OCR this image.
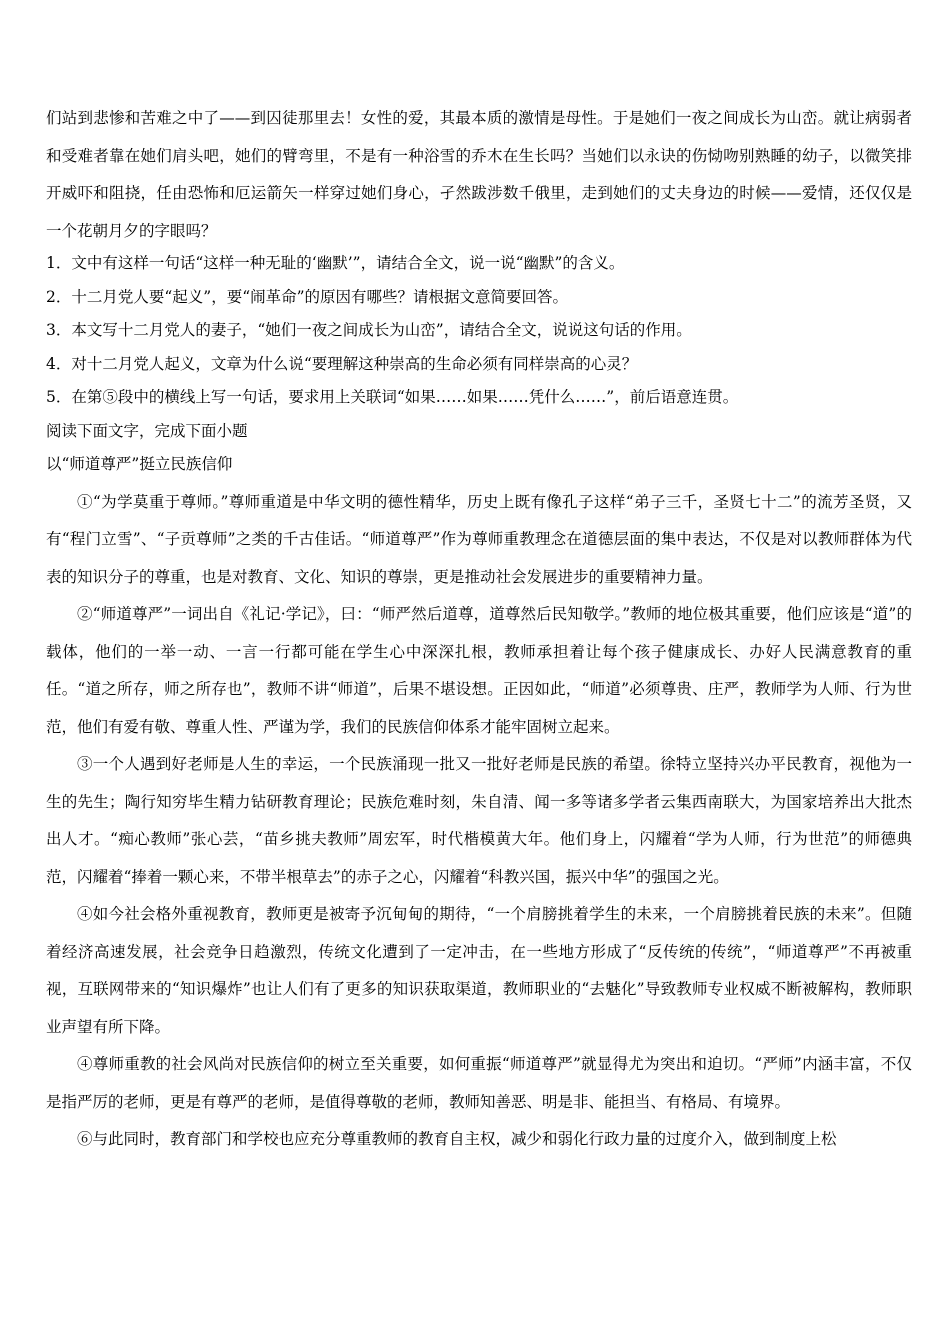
们站到悲惨和苦难之中了——到囚徒那里去！女性的爱，其最本质的激情是母性。于是她们一夜之间成长为山峦。就让病弱者和受难者靠在她们肩头吧，她们的臂弯里，不是有一种浴雪的乔木在生长吗？当她们以永诀的伤恸吻别熟睡的幼子，以微笑排开威吓和阻挠，任由恐怖和厄运箭矢一样穿过她们身心，孑然跋涉数千俄里，走到她们的丈夫身边的时候——爱情，还仅仅是一个花朝月夕的字眼吗？

1．文中有这样一句话“这样一种无耻的‘幽默’”，请结合全文，说一说“幽默”的含义。

2．十二月党人要“起义”，要“闹革命”的原因有哪些？请根据文意简要回答。

3．本文写十二月党人的妻子，“她们一夜之间成长为山峦”，请结合全文，说说这句话的作用。

4．对十二月党人起义，文章为什么说“要理解这种崇高的生命必须有同样崇高的心灵？

5．在第⑤段中的横线上写一句话，要求用上关联词“如果……如果……凭什么……”，前后语意连贯。

阅读下面文字，完成下面小题

以“师道尊严”挺立民族信仰

①“为学莫重于尊师。”尊师重道是中华文明的德性精华，历史上既有像孔子这样“弟子三千，圣贤七十二”的流芳圣贤，又有“程门立雪”、“子贡尊师”之类的千古佳话。“师道尊严”作为尊师重教理念在道德层面的集中表达，不仅是对以教师群体为代表的知识分子的尊重，也是对教育、文化、知识的尊崇，更是推动社会发展进步的重要精神力量。

②“师道尊严”一词出自《礼记·学记》，曰：“师严然后道尊，道尊然后民知敬学。”教师的地位极其重要，他们应该是“道”的载体，他们的一举一动、一言一行都可能在学生心中深深扎根，教师承担着让每个孩子健康成长、办好人民满意教育的重任。“道之所存，师之所存也”，教师不讲“师道”，后果不堪设想。正因如此，“师道”必须尊贵、庄严，教师学为人师、行为世范，他们有爱有敬、尊重人性、严谨为学，我们的民族信仰体系才能牢固树立起来。

③一个人遇到好老师是人生的幸运，一个民族涌现一批又一批好老师是民族的希望。徐特立坚持兴办平民教育，视他为一生的先生；陶行知穷毕生精力钻研教育理论；民族危难时刻，朱自清、闻一多等诸多学者云集西南联大，为国家培养出大批杰出人才。“痴心教师”张心芸，“苗乡挑夫教师”周宏军，时代楷模黄大年。他们身上，闪耀着“学为人师，行为世范”的师德典范，闪耀着“捧着一颗心来，不带半根草去”的赤子之心，闪耀着“科教兴国，振兴中华”的强国之光。

④如今社会格外重视教育，教师更是被寄予沉甸甸的期待，“一个肩膀挑着学生的未来，一个肩膀挑着民族的未来”。但随着经济高速发展，社会竞争日趋激烈，传统文化遭到了一定冲击，在一些地方形成了“反传统的传统”，“师道尊严”不再被重视，互联网带来的“知识爆炸”也让人们有了更多的知识获取渠道，教师职业的“去魅化”导致教师专业权威不断被解构，教师职业声望有所下降。

④尊师重教的社会风尚对民族信仰的树立至关重要，如何重振“师道尊严”就显得尤为突出和迫切。“严师”内涵丰富，不仅是指严厉的老师，更是有尊严的老师，是值得尊敬的老师，教师知善恶、明是非、能担当、有格局、有境界。

⑥与此同时，教育部门和学校也应充分尊重教师的教育自主权，减少和弱化行政力量的过度介入，做到制度上松
